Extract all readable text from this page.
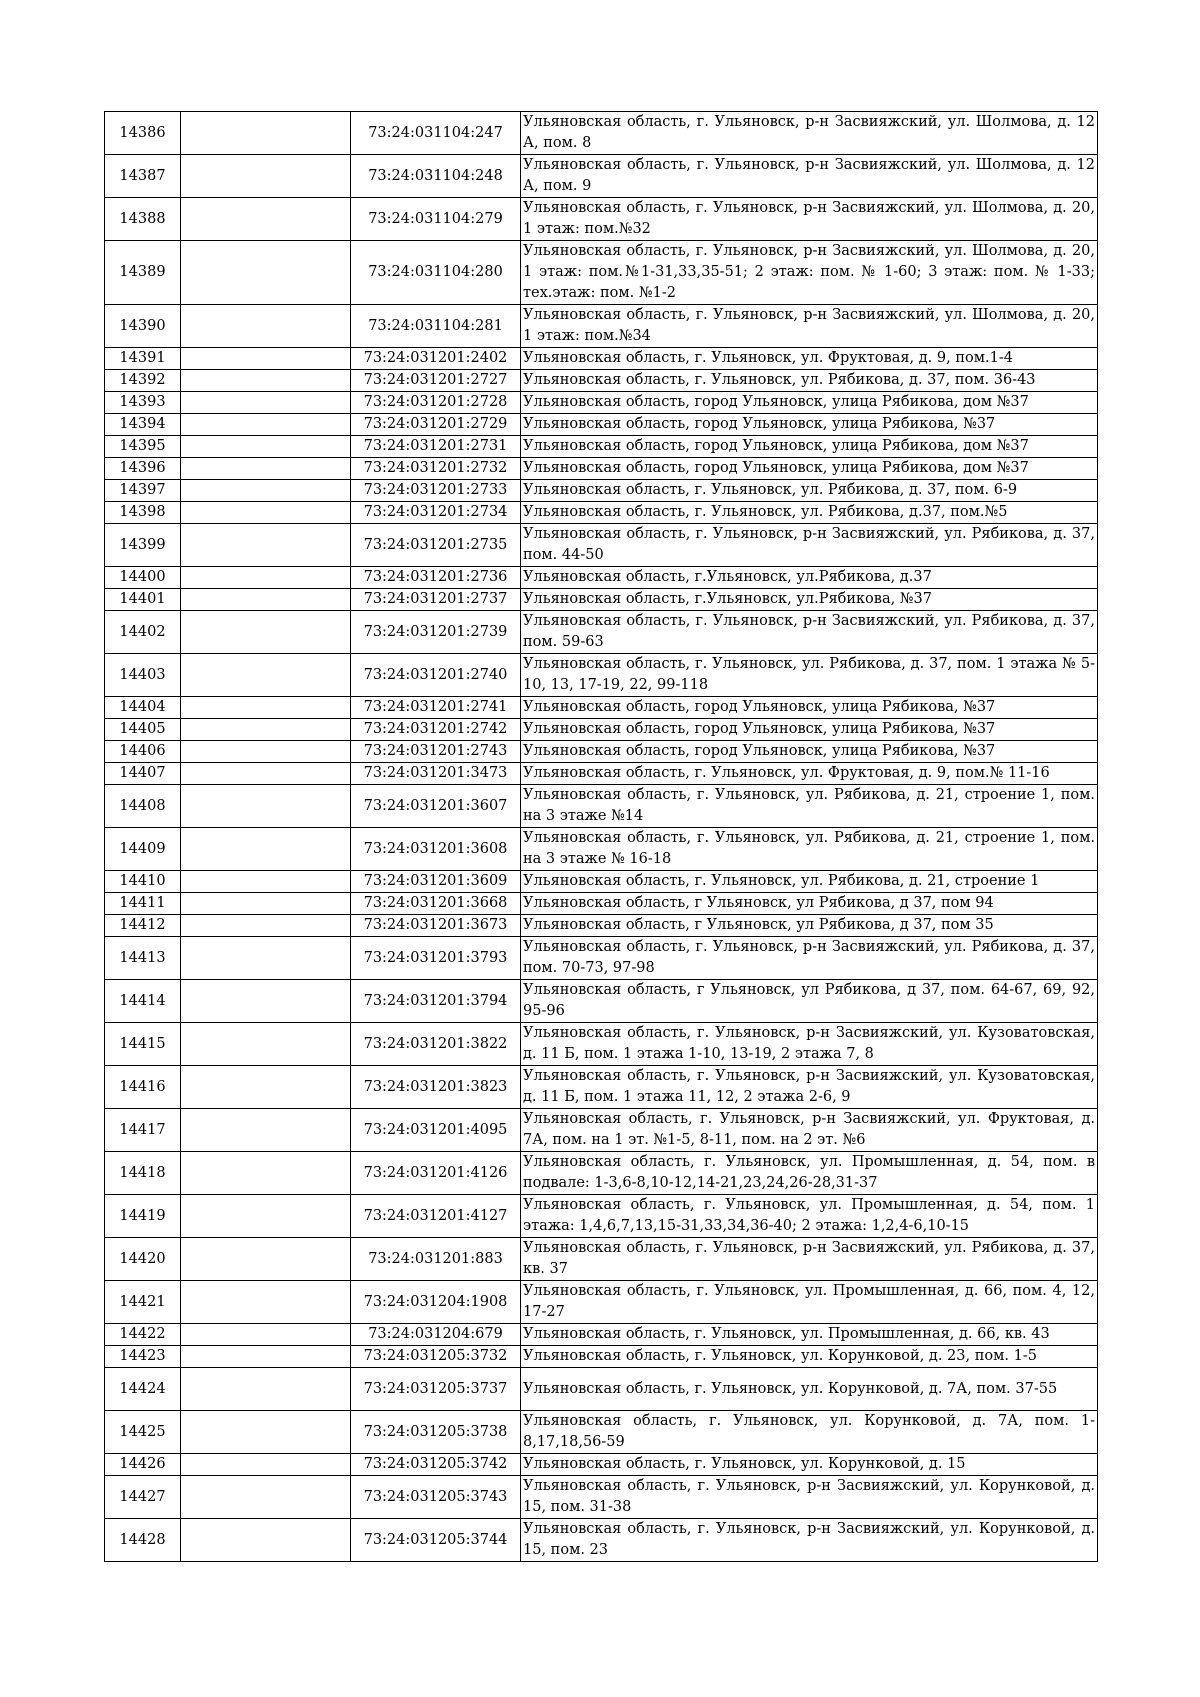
14386		73:24:031104:247	Ульяновская область, г. Ульяновск, р-н Засвияжский, ул. Шолмова, д. 12 А, пом. 8
14387		73:24:031104:248	Ульяновская область, г. Ульяновск, р-н Засвияжский, ул. Шолмова, д. 12 А, пом. 9
14388		73:24:031104:279	Ульяновская область, г. Ульяновск, р-н Засвияжский, ул. Шолмова, д. 20, 1 этаж: пом.№32
14389		73:24:031104:280	Ульяновская область, г. Ульяновск, р-н Засвияжский, ул. Шолмова, д. 20, 1 этаж: пом.№1-31,33,35-51; 2 этаж: пом. № 1-60; 3 этаж: пом. № 1-33; тех.этаж: пом. №1-2
14390		73:24:031104:281	Ульяновская область, г. Ульяновск, р-н Засвияжский, ул. Шолмова, д. 20, 1 этаж: пом.№34
14391		73:24:031201:2402	Ульяновская область, г. Ульяновск, ул. Фруктовая, д. 9, пом.1-4
14392		73:24:031201:2727	Ульяновская область, г. Ульяновск, ул. Рябикова, д. 37, пом. 36-43
14393		73:24:031201:2728	Ульяновская область, город Ульяновск, улица Рябикова, дом №37
14394		73:24:031201:2729	Ульяновская область, город Ульяновск, улица Рябикова, №37
14395		73:24:031201:2731	Ульяновская область, город Ульяновск, улица Рябикова, дом №37
14396		73:24:031201:2732	Ульяновская область, город Ульяновск, улица Рябикова, дом №37
14397		73:24:031201:2733	Ульяновская область, г. Ульяновск, ул. Рябикова, д. 37, пом. 6-9
14398		73:24:031201:2734	Ульяновская область, г. Ульяновск, ул. Рябикова, д.37, пом.№5
14399		73:24:031201:2735	Ульяновская область, г. Ульяновск, р-н Засвияжский, ул. Рябикова, д. 37, пом. 44-50
14400		73:24:031201:2736	Ульяновская область, г.Ульяновск, ул.Рябикова, д.37
14401		73:24:031201:2737	Ульяновская область, г.Ульяновск, ул.Рябикова, №37
14402		73:24:031201:2739	Ульяновская область, г. Ульяновск, р-н Засвияжский, ул. Рябикова, д. 37, пом. 59-63
14403		73:24:031201:2740	Ульяновская область, г. Ульяновск, ул. Рябикова, д. 37, пом. 1 этажа № 5-10, 13, 17-19, 22, 99-118
14404		73:24:031201:2741	Ульяновская область, город Ульяновск, улица Рябикова, №37
14405		73:24:031201:2742	Ульяновская область, город Ульяновск, улица Рябикова, №37
14406		73:24:031201:2743	Ульяновская область, город Ульяновск, улица Рябикова, №37
14407		73:24:031201:3473	Ульяновская область, г. Ульяновск, ул. Фруктовая, д. 9, пом.№ 11-16
14408		73:24:031201:3607	Ульяновская область, г. Ульяновск, ул. Рябикова, д. 21, строение 1, пом. на 3 этаже №14
14409		73:24:031201:3608	Ульяновская область, г. Ульяновск, ул. Рябикова, д. 21, строение 1, пом. на 3 этаже № 16-18
14410		73:24:031201:3609	Ульяновская область, г. Ульяновск, ул. Рябикова, д. 21, строение 1
14411		73:24:031201:3668	Ульяновская область, г Ульяновск, ул Рябикова, д 37, пом 94
14412		73:24:031201:3673	Ульяновская область, г Ульяновск, ул Рябикова, д 37, пом 35
14413		73:24:031201:3793	Ульяновская область, г. Ульяновск, р-н Засвияжский, ул. Рябикова, д. 37, пом. 70-73, 97-98
14414		73:24:031201:3794	Ульяновская область, г Ульяновск, ул Рябикова, д 37, пом. 64-67, 69, 92, 95-96
14415		73:24:031201:3822	Ульяновская область, г. Ульяновск, р-н Засвияжский, ул. Кузоватовская, д. 11 Б, пом. 1 этажа 1-10, 13-19, 2 этажа 7, 8
14416		73:24:031201:3823	Ульяновская область, г. Ульяновск, р-н Засвияжский, ул. Кузоватовская, д. 11 Б, пом. 1 этажа 11, 12, 2 этажа 2-6, 9
14417		73:24:031201:4095	Ульяновская область, г. Ульяновск, р-н Засвияжский, ул. Фруктовая, д. 7А, пом. на 1 эт. №1-5, 8-11, пом. на 2 эт. №6
14418		73:24:031201:4126	Ульяновская область, г. Ульяновск, ул. Промышленная, д. 54, пом. в подвале: 1-3,6-8,10-12,14-21,23,24,26-28,31-37
14419		73:24:031201:4127	Ульяновская область, г. Ульяновск, ул. Промышленная, д. 54, пом. 1 этажа: 1,4,6,7,13,15-31,33,34,36-40; 2 этажа: 1,2,4-6,10-15
14420		73:24:031201:883	Ульяновская область, г. Ульяновск, р-н Засвияжский, ул. Рябикова, д. 37, кв. 37
14421		73:24:031204:1908	Ульяновская область, г. Ульяновск, ул. Промышленная, д. 66, пом. 4, 12, 17-27
14422		73:24:031204:679	Ульяновская область, г. Ульяновск, ул. Промышленная, д. 66, кв. 43
14423		73:24:031205:3732	Ульяновская область, г. Ульяновск, ул. Корунковой, д. 23, пом. 1-5
14424		73:24:031205:3737	Ульяновская область, г. Ульяновск, ул. Корунковой, д. 7А, пом. 37-55
14425		73:24:031205:3738	Ульяновская область, г. Ульяновск, ул. Корунковой, д. 7А, пом. 1-8,17,18,56-59
14426		73:24:031205:3742	Ульяновская область, г. Ульяновск, ул. Корунковой, д. 15
14427		73:24:031205:3743	Ульяновская область, г. Ульяновск, р-н Засвияжский, ул. Корунковой, д. 15, пом. 31-38
14428		73:24:031205:3744	Ульяновская область, г. Ульяновск, р-н Засвияжский, ул. Корунковой, д. 15, пом. 23
